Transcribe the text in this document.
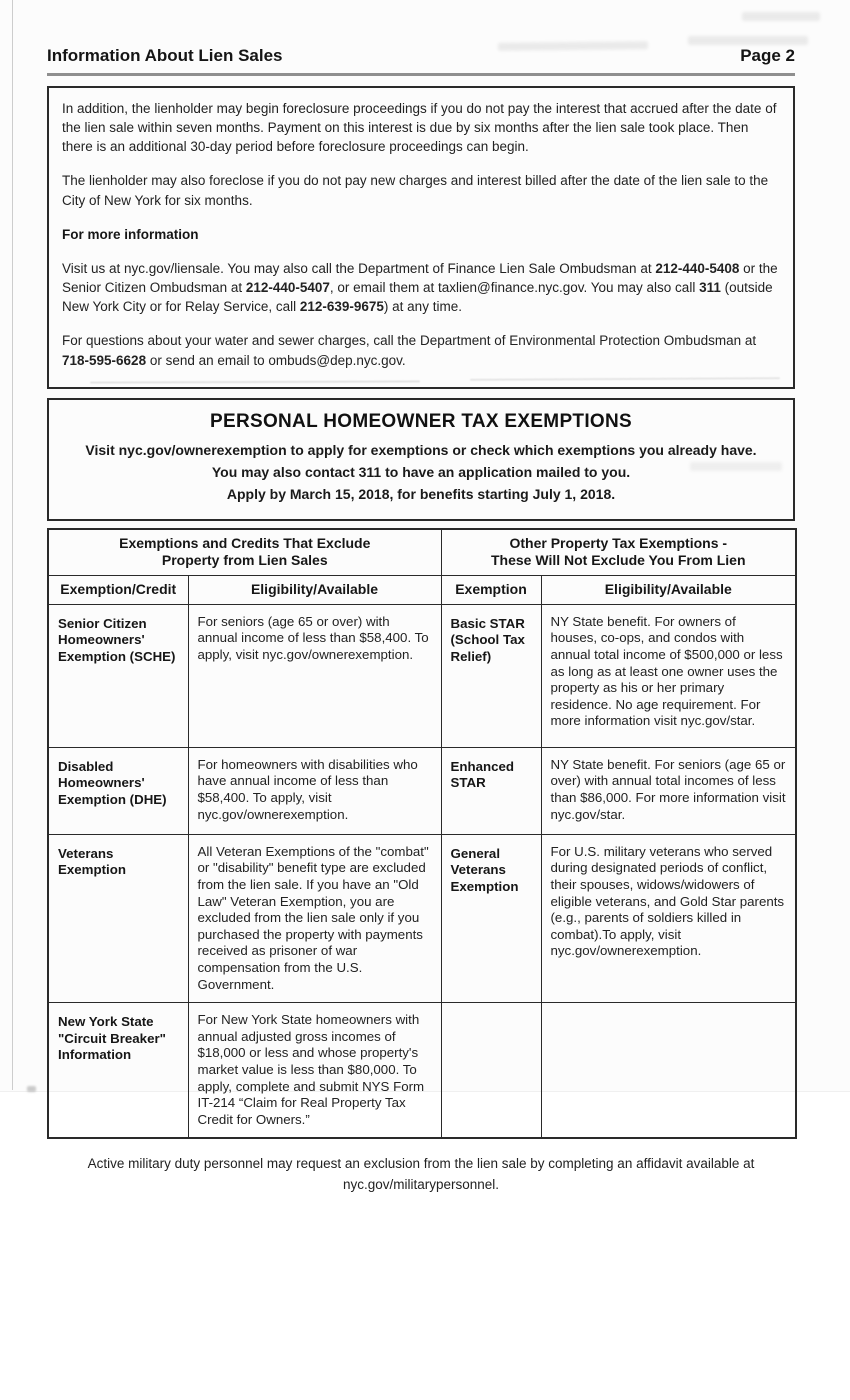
Information About Lien Sales	Page 2

In addition, the lienholder may begin foreclosure proceedings if you do not pay the interest that accrued after the date of the lien sale within seven months. Payment on this interest is due by six months after the lien sale took place. Then there is an additional 30-day period before foreclosure proceedings can begin.

The lienholder may also foreclose if you do not pay new charges and interest billed after the date of the lien sale to the City of New York for six months.

For more information

Visit us at nyc.gov/liensale. You may also call the Department of Finance Lien Sale Ombudsman at 212-440-5408 or the Senior Citizen Ombudsman at 212-440-5407, or email them at taxlien@finance.nyc.gov. You may also call 311 (outside New York City or for Relay Service, call 212-639-9675) at any time.

For questions about your water and sewer charges, call the Department of Environmental Protection Ombudsman at 718-595-6628 or send an email to ombuds@dep.nyc.gov.

PERSONAL HOMEOWNER TAX EXEMPTIONS
Visit nyc.gov/ownerexemption to apply for exemptions or check which exemptions you already have.
You may also contact 311 to have an application mailed to you.
Apply by March 15, 2018, for benefits starting July 1, 2018.
Exemptions and Credits That Exclude
Property from Lien Sales

Other Property Tax Exemptions -
These Will Not Exclude You From Lien

Exemption/Credit	Eligibility/Available	Exemption	Eligibility/Available
Senior Citizen Homeowners' Exemption (SCHE)	For seniors (age 65 or over) with annual income of less than $58,400. To apply, visit nyc.gov/ownerexemption.	Basic STAR (School Tax Relief)	NY State benefit. For owners of houses, co-ops, and condos with annual total income of $500,000 or less as long as at least one owner uses the property as his or her primary residence. No age requirement. For more information visit nyc.gov/star.
Disabled Homeowners' Exemption (DHE)	For homeowners with disabilities who have annual income of less than $58,400. To apply, visit nyc.gov/ownerexemption.	Enhanced STAR	NY State benefit. For seniors (age 65 or over) with annual total incomes of less than $86,000. For more information visit nyc.gov/star.
Veterans Exemption	All Veteran Exemptions of the "combat" or "disability" benefit type are excluded from the lien sale. If you have an "Old Law" Veteran Exemption, you are excluded from the lien sale only if you purchased the property with payments received as prisoner of war compensation from the U.S. Government.	General Veterans Exemption	For U.S. military veterans who served during designated periods of conflict, their spouses, widows/widowers of eligible veterans, and Gold Star parents (e.g., parents of soldiers killed in combat).To apply, visit nyc.gov/ownerexemption.
New York State "Circuit Breaker" Information	For New York State homeowners with annual adjusted gross incomes of $18,000 or less and whose property's market value is less than $80,000. To apply, complete and submit NYS Form IT-214 “Claim for Real Property Tax Credit for Owners.”		
Active military duty personnel may request an exclusion from the lien sale by completing an affidavit available at
nyc.gov/militarypersonnel.
